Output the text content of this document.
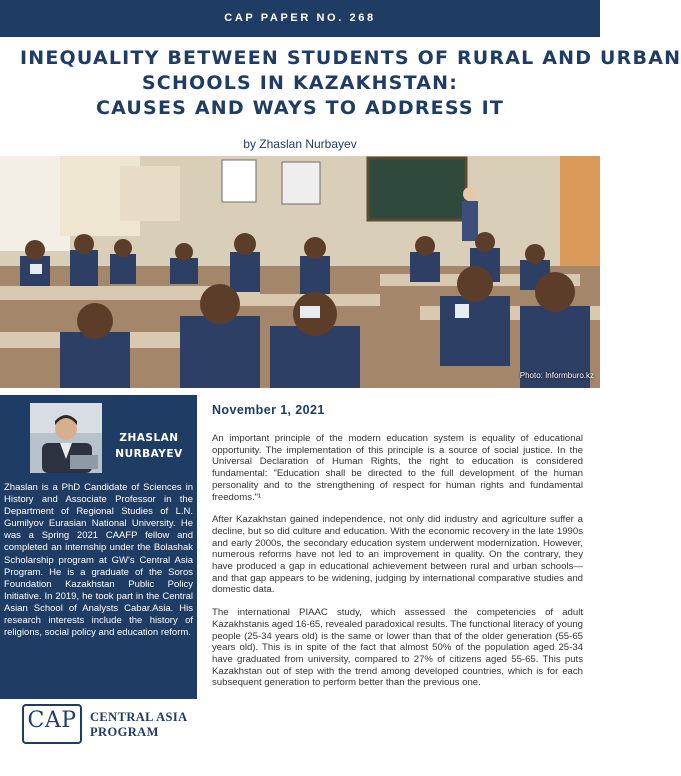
CAP PAPER NO. 268
INEQUALITY BETWEEN STUDENTS OF RURAL AND URBAN
SCHOOLS IN KAZAKHSTAN:
CAUSES AND WAYS TO ADDRESS IT
by Zhaslan Nurbayev
Photo: Informburo.kz
ZHASLAN
NURBAYEV
Zhaslan is a PhD Candidate of Sciences in History and Associate Professor in the Department of Regional Studies of L.N. Gumilyov Eurasian National University. He was a Spring 2021 CAAFP fellow and completed an internship under the Bolashak Scholarship program at GW's Central Asia Program. He is a graduate of the Soros Foundation Kazakhstan Public Policy Initiative. In 2019, he took part in the Central Asian School of Analysts Cabar.Asia. His research interests include the history of religions, social policy and education reform.
CAP	CENTRAL ASIA
PROGRAM
November 1, 2021

An important principle of the modern education system is equality of educational opportunity. The implementation of this principle is a source of social justice. In the Universal Declaration of Human Rights, the right to education is considered fundamental: "Education shall be directed to the full development of the human personality and to the strengthening of respect for human rights and fundamental freedoms."¹

After Kazakhstan gained independence, not only did industry and agriculture suffer a decline, but so did culture and education. With the economic recovery in the late 1990s and early 2000s, the secondary education system underwent modernization. However, numerous reforms have not led to an improvement in quality. On the contrary, they have produced a gap in educational achievement between rural and urban schools—and that gap appears to be widening, judging by international comparative studies and domestic data.

The international PIAAC study, which assessed the competencies of adult Kazakhstanis aged 16-65, revealed paradoxical results. The functional literacy of young people (25-34 years old) is the same or lower than that of the older generation (55-65 years old). This is in spite of the fact that almost 50% of the population aged 25-34 have graduated from university, compared to 27% of citizens aged 55-65. This puts Kazakhstan out of step with the trend among developed countries, which is for each subsequent generation to perform better than the previous one.
